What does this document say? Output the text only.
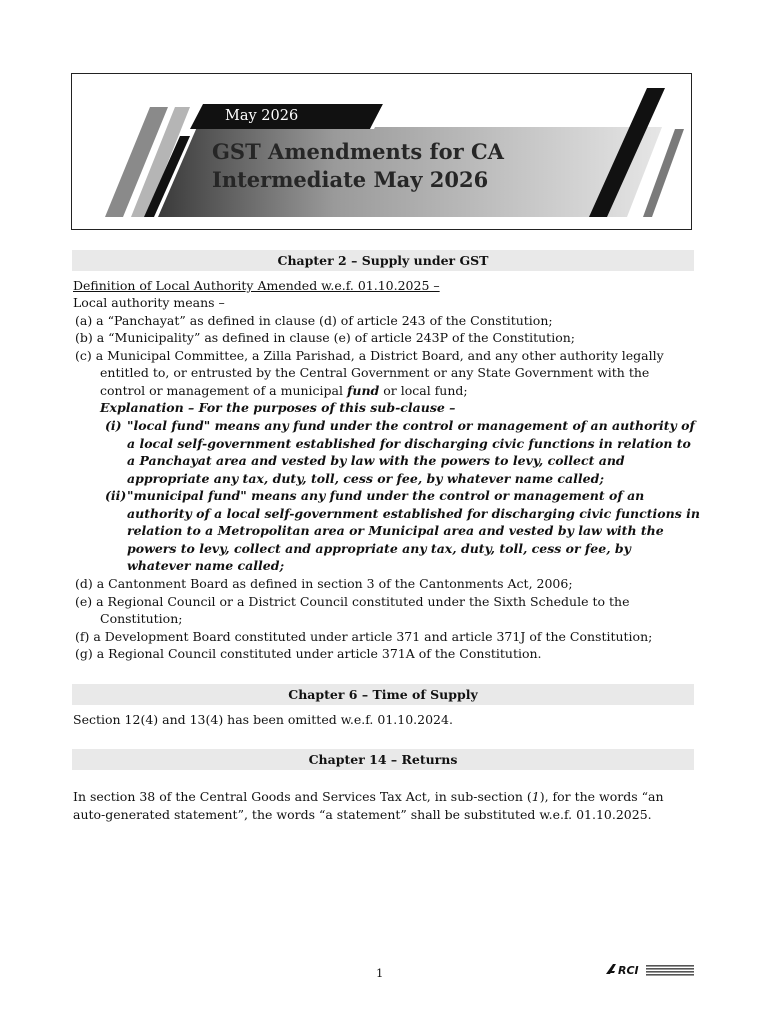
May 2026
GST Amendments for CA
Intermediate May 2026
Chapter 2 – Supply under GST
Definition of Local Authority Amended w.e.f. 01.10.2025 –
Local authority means –
(a) a “Panchayat” as defined in clause (d) of article 243 of the Constitution;
(b) a “Municipality” as defined in clause (e) of article 243P of the Constitution;
(c) a Municipal Committee, a Zilla Parishad, a District Board, and any other authority legally
entitled to, or entrusted by the Central Government or any State Government with the
control or management of a municipal fund or local fund;
Explanation – For the purposes of this sub-clause –
(i) "local fund" means any fund under the control or management of an authority of
a local self-government established for discharging civic functions in relation to
a Panchayat area and vested by law with the powers to levy, collect and
appropriate any tax, duty, toll, cess or fee, by whatever name called;
(ii) "municipal fund" means any fund under the control or management of an
authority of a local self-government established for discharging civic functions in
relation to a Metropolitan area or Municipal area and vested by law with the
powers to levy, collect and appropriate any tax, duty, toll, cess or fee, by
whatever name called;
(d) a Cantonment Board as defined in section 3 of the Cantonments Act, 2006;
(e) a Regional Council or a District Council constituted under the Sixth Schedule to the
Constitution;
(f) a Development Board constituted under article 371 and article 371J of the Constitution;
(g) a Regional Council constituted under article 371A of the Constitution.
Chapter 6 – Time of Supply
Section 12(4) and 13(4) has been omitted w.e.f. 01.10.2024.
Chapter 14 – Returns
In section 38 of the Central Goods and Services Tax Act, in sub-section (1), for the words “an
auto-generated statement”, the words “a statement” shall be substituted w.e.f. 01.10.2025.
1	RCI
